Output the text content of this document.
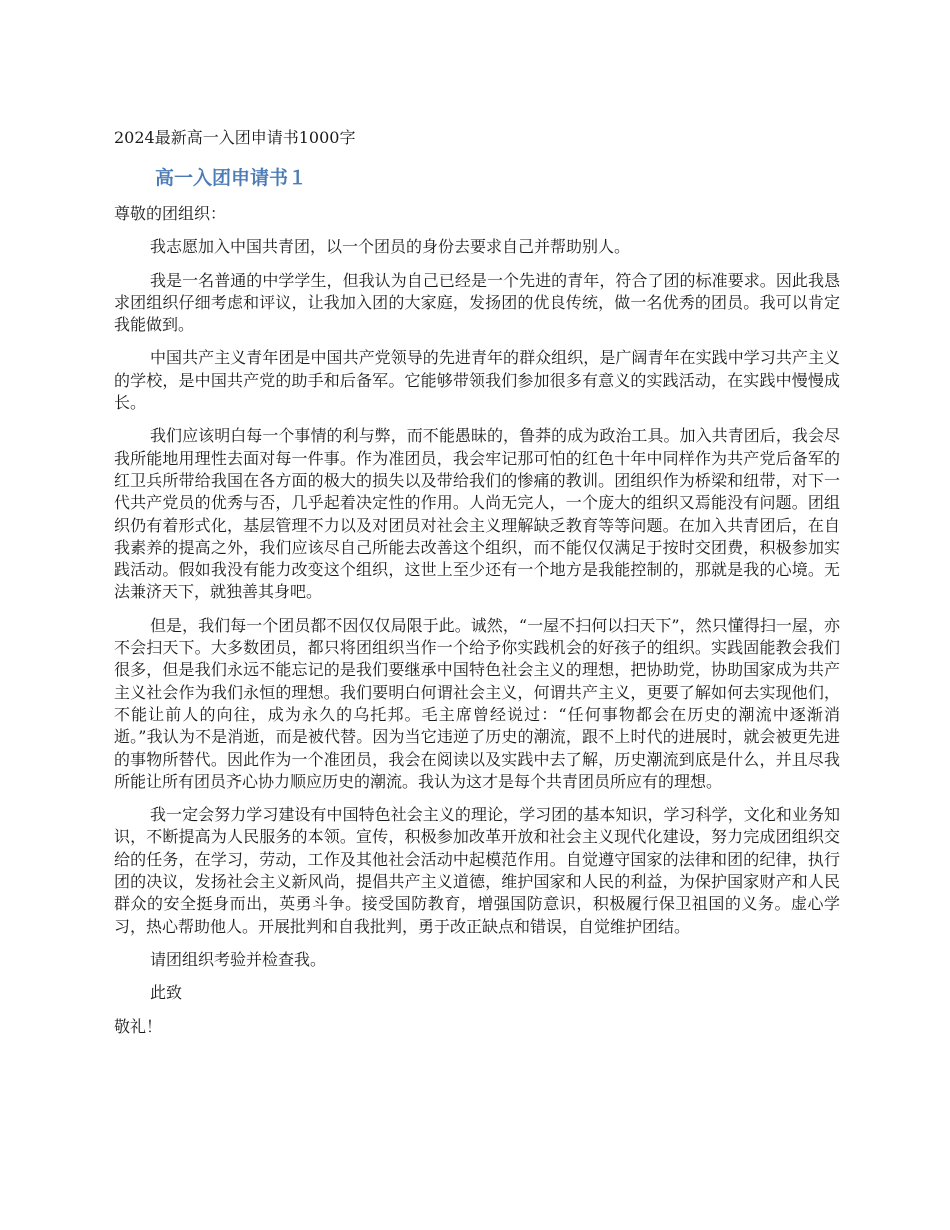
2024最新高一入团申请书1000字
高一入团申请书１

尊敬的团组织：

我志愿加入中国共青团，以一个团员的身份去要求自己并帮助别人。

我是一名普通的中学学生，但我认为自己已经是一个先进的青年，符合了团的标准要求。因此我恳求团组织仔细考虑和评议，让我加入团的大家庭，发扬团的优良传统，做一名优秀的团员。我可以肯定我能做到。

中国共产主义青年团是中国共产党领导的先进青年的群众组织，是广阔青年在实践中学习共产主义的学校，是中国共产党的助手和后备军。它能够带领我们参加很多有意义的实践活动，在实践中慢慢成长。

我们应该明白每一个事情的利与弊，而不能愚昧的，鲁莽的成为政治工具。加入共青团后，我会尽我所能地用理性去面对每一件事。作为准团员，我会牢记那可怕的红色十年中同样作为共产党后备军的红卫兵所带给我国在各方面的极大的损失以及带给我们的惨痛的教训。团组织作为桥梁和纽带，对下一代共产党员的优秀与否，几乎起着决定性的作用。人尚无完人，一个庞大的组织又焉能没有问题。团组织仍有着形式化，基层管理不力以及对团员对社会主义理解缺乏教育等等问题。在加入共青团后，在自我素养的提高之外，我们应该尽自己所能去改善这个组织，而不能仅仅满足于按时交团费，积极参加实践活动。假如我没有能力改变这个组织，这世上至少还有一个地方是我能控制的，那就是我的心境。无法兼济天下，就独善其身吧。

但是，我们每一个团员都不因仅仅局限于此。诚然，“一屋不扫何以扫天下”，然只懂得扫一屋，亦不会扫天下。大多数团员，都只将团组织当作一个给予你实践机会的好孩子的组织。实践固能教会我们很多，但是我们永远不能忘记的是我们要继承中国特色社会主义的理想，把协助党，协助国家成为共产主义社会作为我们永恒的理想。我们要明白何谓社会主义，何谓共产主义，更要了解如何去实现他们，不能让前人的向往，成为永久的乌托邦。毛主席曾经说过：“任何事物都会在历史的潮流中逐渐消逝。”我认为不是消逝，而是被代替。因为当它违逆了历史的潮流，跟不上时代的进展时，就会被更先进的事物所替代。因此作为一个准团员，我会在阅读以及实践中去了解，历史潮流到底是什么，并且尽我所能让所有团员齐心协力顺应历史的潮流。我认为这才是每个共青团员所应有的理想。

我一定会努力学习建设有中国特色社会主义的理论，学习团的基本知识，学习科学，文化和业务知识，不断提高为人民服务的本领。宣传，积极参加改革开放和社会主义现代化建设，努力完成团组织交给的任务，在学习，劳动，工作及其他社会活动中起模范作用。自觉遵守国家的法律和团的纪律，执行团的决议，发扬社会主义新风尚，提倡共产主义道德，维护国家和人民的利益，为保护国家财产和人民群众的安全挺身而出，英勇斗争。接受国防教育，增强国防意识，积极履行保卫祖国的义务。虚心学习，热心帮助他人。开展批判和自我批判，勇于改正缺点和错误，自觉维护团结。

请团组织考验并检查我。

此致

敬礼！
